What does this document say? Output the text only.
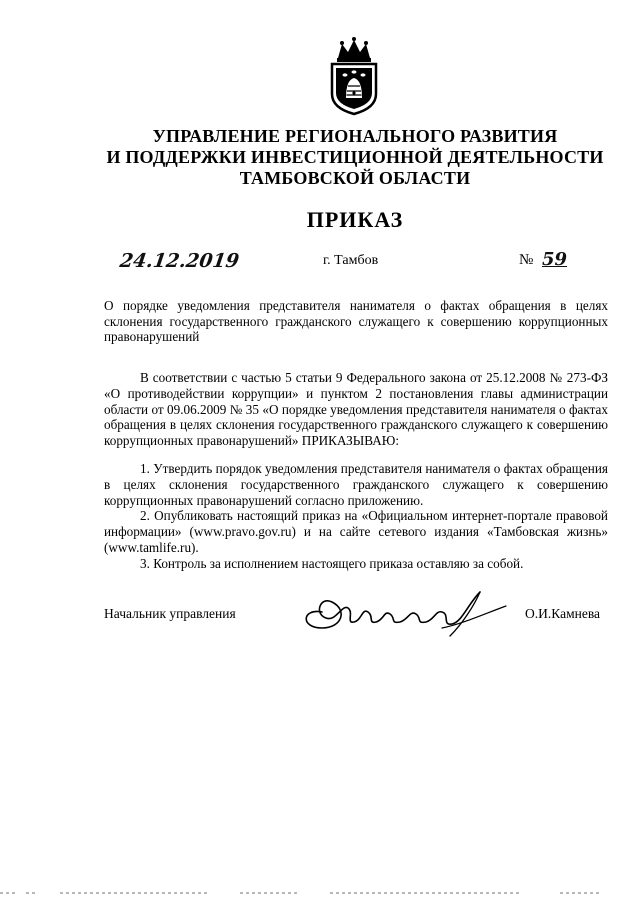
УПРАВЛЕНИЕ РЕГИОНАЛЬНОГО РАЗВИТИЯ
И ПОДДЕРЖКИ ИНВЕСТИЦИОННОЙ ДЕЯТЕЛЬНОСТИ
ТАМБОВСКОЙ ОБЛАСТИ
ПРИКАЗ
24.12.2019	г. Тамбов	№ 59
О порядке уведомления представителя нанимателя о фактах обращения в целях склонения государственного гражданского служащего к совершению коррупционных правонарушений

В соответствии с частью 5 статьи 9 Федерального закона от 25.12.2008 № 273-ФЗ «О противодействии коррупции» и пунктом 2 постановления главы администрации области от 09.06.2009 № 35 «О порядке уведомления представителя нанимателя о фактах обращения в целях склонения государственного гражданского служащего к совершению коррупционных правонарушений» ПРИКАЗЫВАЮ:

1. Утвердить порядок уведомления представителя нанимателя о фактах обращения в целях склонения государственного гражданского служащего к совершению коррупционных правонарушений согласно приложению.

2. Опубликовать настоящий приказ на «Официальном интернет-портале правовой информации» (www.pravo.gov.ru) и на сайте сетевого издания «Тамбовская жизнь» (www.tamlife.ru).

3. Контроль за исполнением настоящего приказа оставляю за собой.

Начальник управления	О.И.Камнева
